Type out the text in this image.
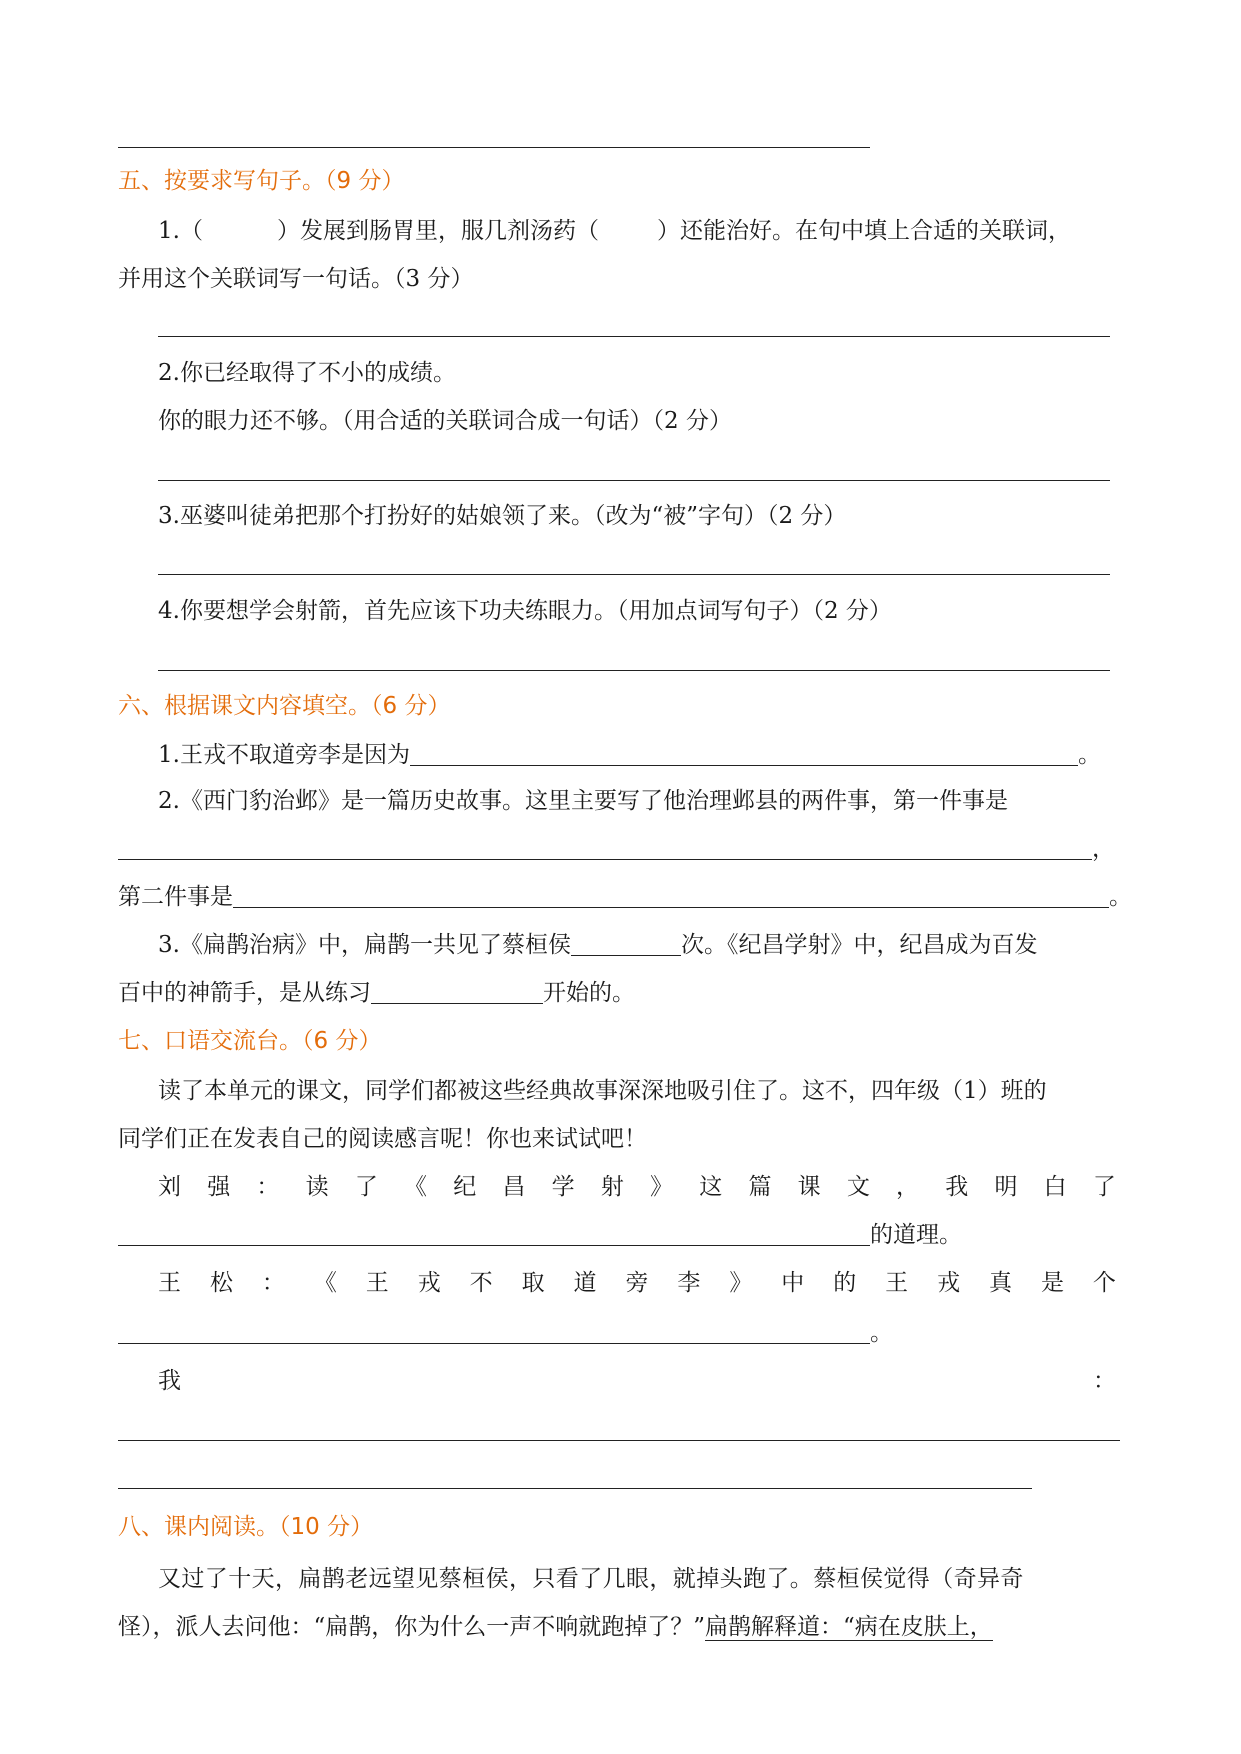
五、按要求写句子。（9 分）
1.（	）发展到肠胃里，服几剂汤药（	）还能治好。在句中填上合适的关联词，
并用这个关联词写一句话。（3 分）
2.你已经取得了不小的成绩。
你的眼力还不够。（用合适的关联词合成一句话）（2 分）
3.巫婆叫徒弟把那个打扮好的姑娘领了来。（改为“被”字句）（2 分）
4.你要想学会射箭，首先应该下功夫练眼力。（用加点词写句子）（2 分）
六、根据课文内容填空。（6 分）
1.王戎不取道旁李是因为	。
2.《西门豹治邺》是一篇历史故事。这里主要写了他治理邺县的两件事，第一件事是
，
第二件事是	。
3.《扁鹊治病》中，扁鹊一共见了蔡桓侯	次。《纪昌学射》中，纪昌成为百发
百中的神箭手，是从练习	开始的。
七、口语交流台。（6 分）
读了本单元的课文，同学们都被这些经典故事深深地吸引住了。这不，四年级（1）班的
同学们正在发表自己的阅读感言呢！你也来试试吧！
刘 强 ： 读 了 《 纪 昌 学 射 》 这 篇 课 文 ， 我 明 白 了
的道理。
王 松 ： 《 王 戎 不 取 道 旁 李 》 中 的 王 戎 真 是 个
。
我	：
八、课内阅读。（10 分）
又过了十天，扁鹊老远望见蔡桓侯，只看了几眼，就掉头跑了。蔡桓侯觉得（奇异奇
怪），派人去问他：“扁鹊，你为什么一声不响就跑掉了？”扁鹊解释道：“病在皮肤上，
